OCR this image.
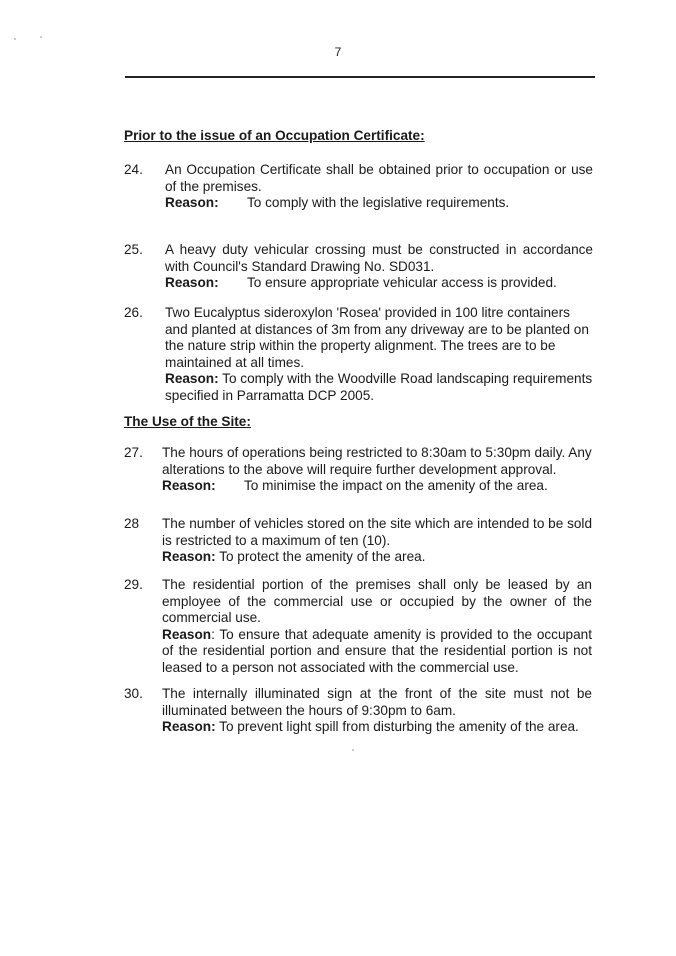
7
Prior to the issue of an Occupation Certificate:
24. An Occupation Certificate shall be obtained prior to occupation or use of the premises.

Reason: To comply with the legislative requirements.

25. A heavy duty vehicular crossing must be constructed in accordance with Council's Standard Drawing No. SD031.

Reason: To ensure appropriate vehicular access is provided.

26. Two Eucalyptus sideroxylon 'Rosea' provided in 100 litre containers and planted at distances of 3m from any driveway are to be planted on the nature strip within the property alignment. The trees are to be maintained at all times.

Reason: To comply with the Woodville Road landscaping requirements specified in Parramatta DCP 2005.

The Use of the Site:
27. The hours of operations being restricted to 8:30am to 5:30pm daily. Any alterations to the above will require further development approval.

Reason: To minimise the impact on the amenity of the area.

28 The number of vehicles stored on the site which are intended to be sold is restricted to a maximum of ten (10).

Reason: To protect the amenity of the area.

29. The residential portion of the premises shall only be leased by an employee of the commercial use or occupied by the owner of the commercial use.

Reason: To ensure that adequate amenity is provided to the occupant of the residential portion and ensure that the residential portion is not leased to a person not associated with the commercial use.

30. The internally illuminated sign at the front of the site must not be illuminated between the hours of 9:30pm to 6am.

Reason: To prevent light spill from disturbing the amenity of the area.
